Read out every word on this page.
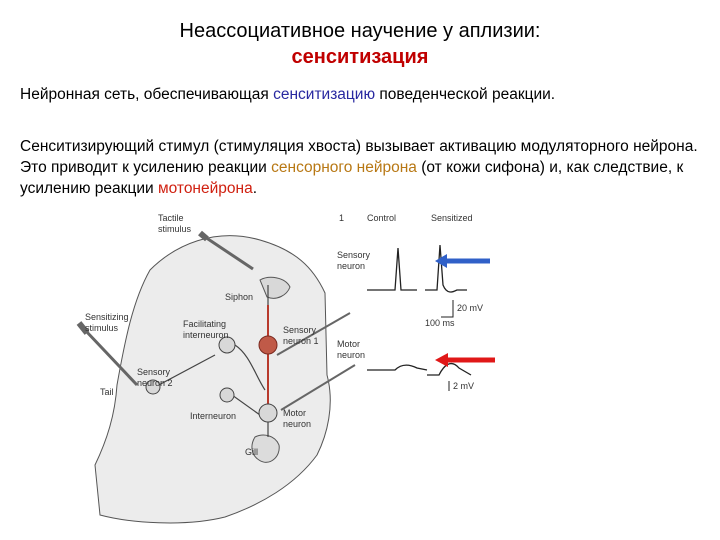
Неассоциативное научение у аплизии:
сенситизация
Нейронная сеть, обеспечивающая сенситизацию поведенческой реакции.
Сенситизирующий стимул (стимуляция хвоста) вызывает активацию модуляторного нейрона. Это приводит к усилению реакции сенсорного нейрона (от кожи сифона) и, как следствие, к усилению реакции мотонейрона.
Tactile
stimulus
Siphon
Sensitizing
stimulus	Facilitating
interneuron	Sensory
neuron 1
Sensory
neuron 2
Tail
Interneuron	Motor
neuron
Gill
1	Control	Sensitized
Sensory
neuron
Motor
neuron
20 mV
100 ms
2 mV
